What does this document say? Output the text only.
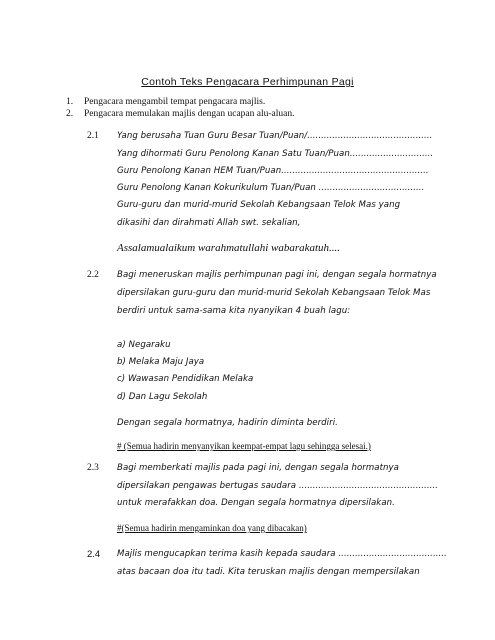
Contoh Teks Pengacara Perhimpunan Pagi
1.	Pengacara mengambil tempat pengacara majlis.
2.	Pengacara memulakan majlis dengan ucapan alu-aluan.
2.1 Yang berusaha Tuan Guru Besar Tuan/Puan/.............................................
Yang dihormati Guru Penolong Kanan Satu Tuan/Puan..............................
Guru Penolong Kanan HEM Tuan/Puan.....................................................
Guru Penolong Kanan Kokurikulum Tuan/Puan ......................................
Guru-guru dan murid-murid Sekolah Kebangsaan Telok Mas yang
dikasihi dan dirahmati Allah swt. sekalian,
Assalamualaikum warahmatullahi wabarakatuh....
2.2 Bagi meneruskan majlis perhimpunan pagi ini, dengan segala hormatnya
dipersilakan guru-guru dan murid-murid Sekolah Kebangsaan Telok Mas
berdiri untuk sama-sama kita nyanyikan 4 buah lagu:
a) Negaraku
b) Melaka Maju Jaya
c) Wawasan Pendidikan Melaka
d) Dan Lagu Sekolah
Dengan segala hormatnya, hadirin diminta berdiri.
# (Semua hadirin menyanyikan keempat-empat lagu sehingga selesai.)
2.3 Bagi memberkati majlis pada pagi ini, dengan segala hormatnya
dipersilakan pengawas bertugas saudara ..................................................
untuk merafakkan doa. Dengan segala hormatnya dipersilakan.
#(Semua hadirin mengaminkan doa yang dibacakan)
2.4 Majlis mengucapkan terima kasih kepada saudara .......................................
atas bacaan doa itu tadi. Kita teruskan majlis dengan mempersilakan
